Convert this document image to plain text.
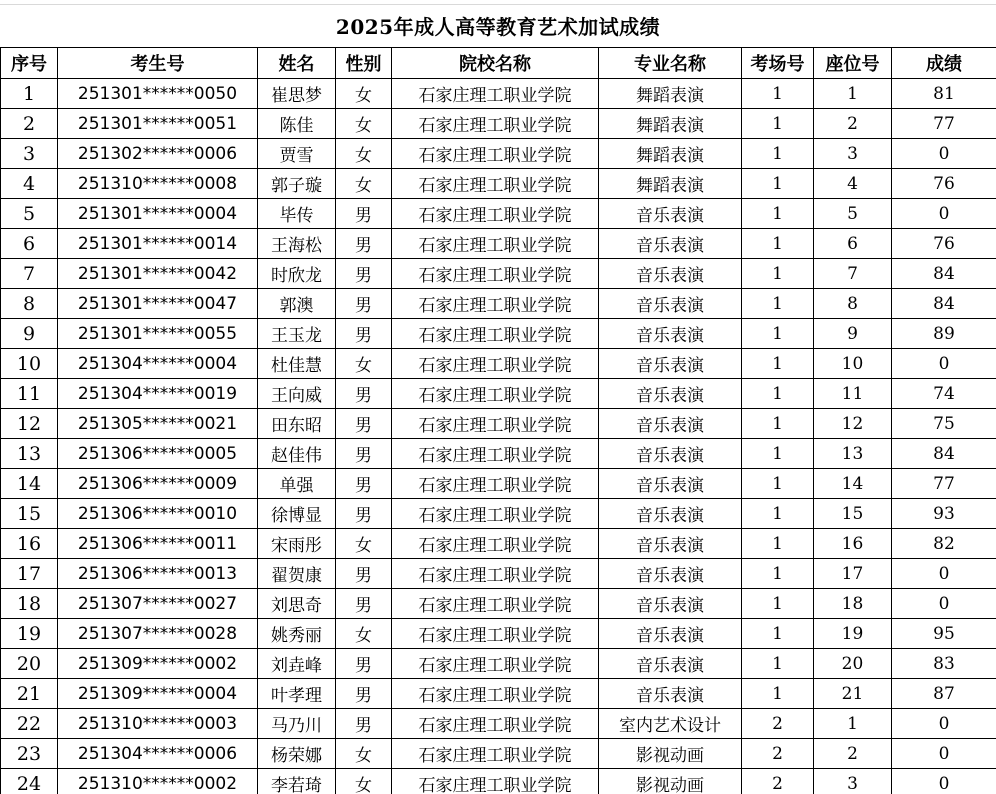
2025年成人高等教育艺术加试成绩
序号	考生号	姓名	性别	院校名称	专业名称	考场号	座位号	成绩
1	251301******0050	崔思梦	女	石家庄理工职业学院	舞蹈表演	1	1	81
2	251301******0051	陈佳	女	石家庄理工职业学院	舞蹈表演	1	2	77
3	251302******0006	贾雪	女	石家庄理工职业学院	舞蹈表演	1	3	0
4	251310******0008	郭子璇	女	石家庄理工职业学院	舞蹈表演	1	4	76
5	251301******0004	毕传	男	石家庄理工职业学院	音乐表演	1	5	0
6	251301******0014	王海松	男	石家庄理工职业学院	音乐表演	1	6	76
7	251301******0042	时欣龙	男	石家庄理工职业学院	音乐表演	1	7	84
8	251301******0047	郭澳	男	石家庄理工职业学院	音乐表演	1	8	84
9	251301******0055	王玉龙	男	石家庄理工职业学院	音乐表演	1	9	89
10	251304******0004	杜佳慧	女	石家庄理工职业学院	音乐表演	1	10	0
11	251304******0019	王向威	男	石家庄理工职业学院	音乐表演	1	11	74
12	251305******0021	田东昭	男	石家庄理工职业学院	音乐表演	1	12	75
13	251306******0005	赵佳伟	男	石家庄理工职业学院	音乐表演	1	13	84
14	251306******0009	单强	男	石家庄理工职业学院	音乐表演	1	14	77
15	251306******0010	徐博显	男	石家庄理工职业学院	音乐表演	1	15	93
16	251306******0011	宋雨彤	女	石家庄理工职业学院	音乐表演	1	16	82
17	251306******0013	翟贺康	男	石家庄理工职业学院	音乐表演	1	17	0
18	251307******0027	刘思奇	男	石家庄理工职业学院	音乐表演	1	18	0
19	251307******0028	姚秀丽	女	石家庄理工职业学院	音乐表演	1	19	95
20	251309******0002	刘垚峰	男	石家庄理工职业学院	音乐表演	1	20	83
21	251309******0004	叶孝理	男	石家庄理工职业学院	音乐表演	1	21	87
22	251310******0003	马乃川	男	石家庄理工职业学院	室内艺术设计	2	1	0
23	251304******0006	杨荣娜	女	石家庄理工职业学院	影视动画	2	2	0
24	251310******0002	李若琦	女	石家庄理工职业学院	影视动画	2	3	0
